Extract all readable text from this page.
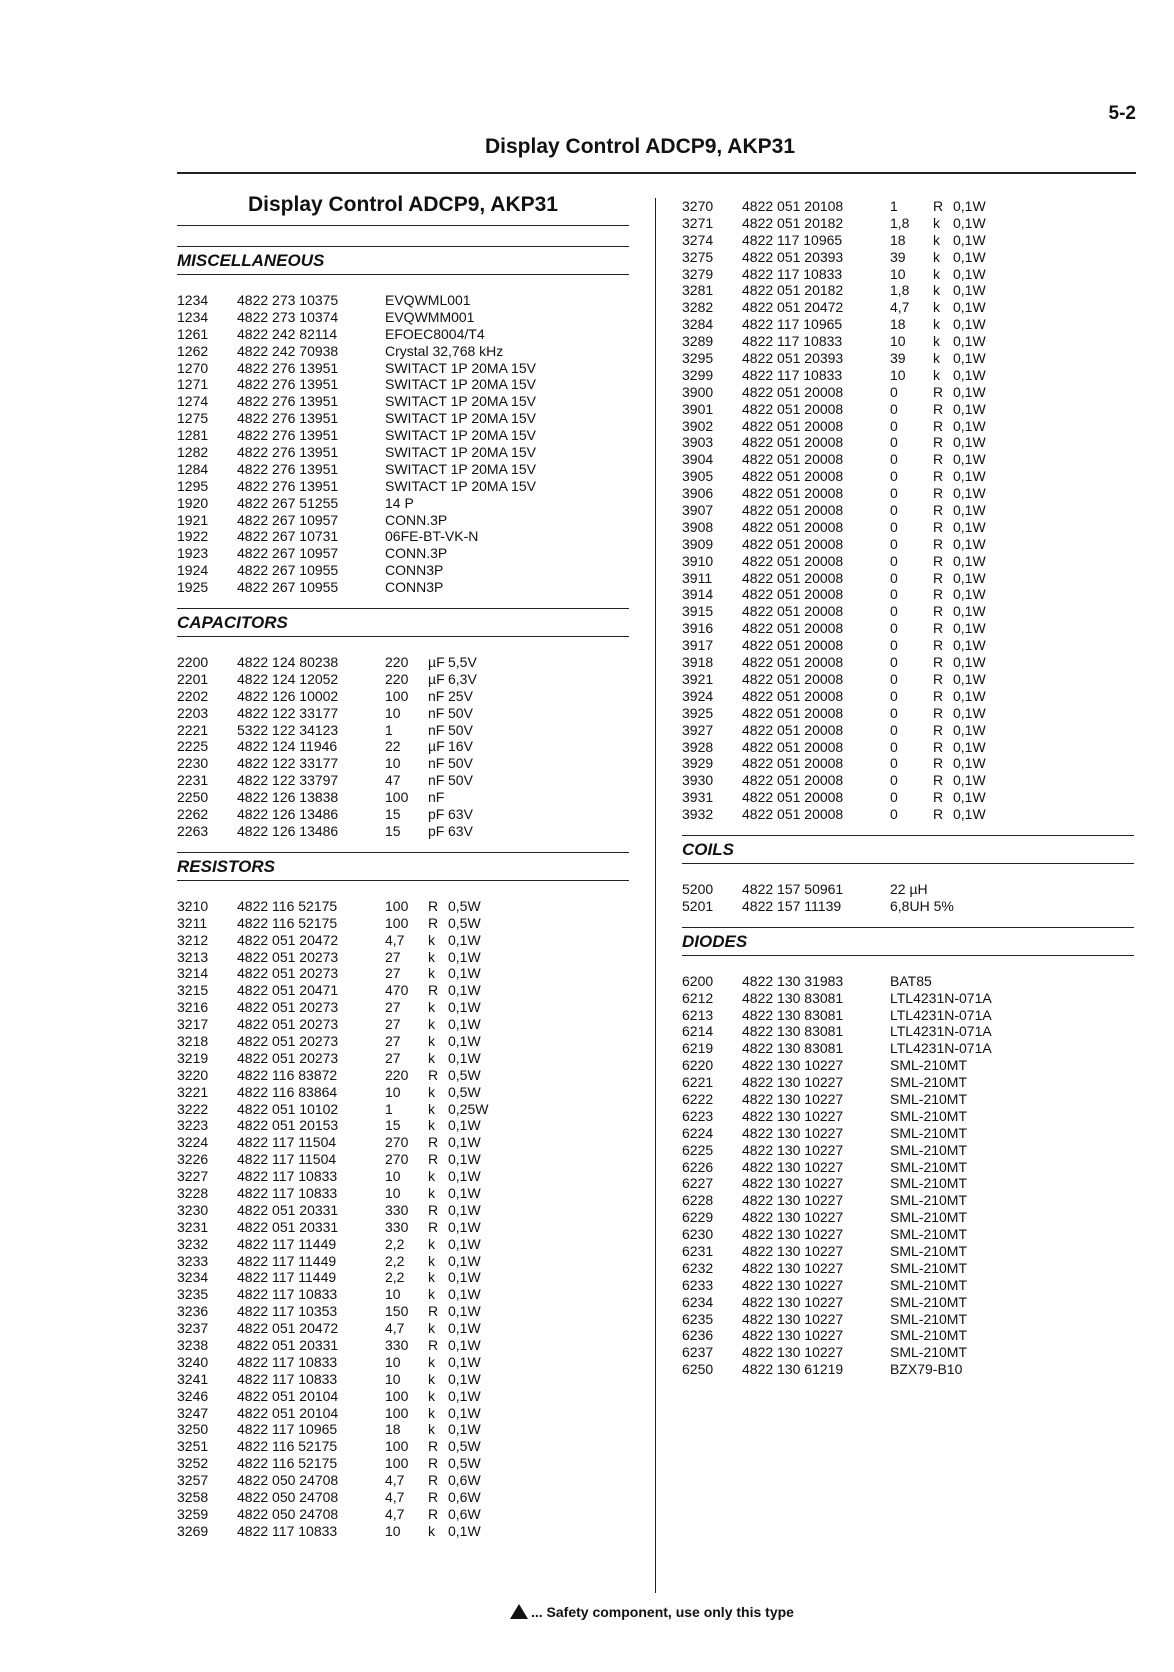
5-2
Display Control ADCP9, AKP31
Display Control ADCP9, AKP31
MISCELLANEOUS
1234	4822 273 10375	EVQWML001
1234	4822 273 10374	EVQWMM001
1261	4822 242 82114	EFOEC8004/T4
1262	4822 242 70938	Crystal 32,768 kHz
1270	4822 276 13951	SWITACT 1P 20MA 15V
1271	4822 276 13951	SWITACT 1P 20MA 15V
1274	4822 276 13951	SWITACT 1P 20MA 15V
1275	4822 276 13951	SWITACT 1P 20MA 15V
1281	4822 276 13951	SWITACT 1P 20MA 15V
1282	4822 276 13951	SWITACT 1P 20MA 15V
1284	4822 276 13951	SWITACT 1P 20MA 15V
1295	4822 276 13951	SWITACT 1P 20MA 15V
1920	4822 267 51255	14 P
1921	4822 267 10957	CONN.3P
1922	4822 267 10731	06FE-BT-VK-N
1923	4822 267 10957	CONN.3P
1924	4822 267 10955	CONN3P
1925	4822 267 10955	CONN3P
CAPACITORS
2200	4822 124 80238	220	µF 5,5V
2201	4822 124 12052	220	µF 6,3V
2202	4822 126 10002	100	nF 25V
2203	4822 122 33177	10	nF 50V
2221	5322 122 34123	1	nF 50V
2225	4822 124 11946	22	µF 16V
2230	4822 122 33177	10	nF 50V
2231	4822 122 33797	47	nF 50V
2250	4822 126 13838	100	nF
2262	4822 126 13486	15	pF 63V
2263	4822 126 13486	15	pF 63V
RESISTORS
3210	4822 116 52175	100	R 0,5W
3211	4822 116 52175	100	R 0,5W
3212	4822 051 20472	4,7	k 0,1W
3213	4822 051 20273	27	k 0,1W
3214	4822 051 20273	27	k 0,1W
3215	4822 051 20471	470	R 0,1W
3216	4822 051 20273	27	k 0,1W
3217	4822 051 20273	27	k 0,1W
3218	4822 051 20273	27	k 0,1W
3219	4822 051 20273	27	k 0,1W
3220	4822 116 83872	220	R 0,5W
3221	4822 116 83864	10	k 0,5W
3222	4822 051 10102	1	k 0,25W
3223	4822 051 20153	15	k 0,1W
3224	4822 117 11504	270	R 0,1W
3226	4822 117 11504	270	R 0,1W
3227	4822 117 10833	10	k 0,1W
3228	4822 117 10833	10	k 0,1W
3230	4822 051 20331	330	R 0,1W
3231	4822 051 20331	330	R 0,1W
3232	4822 117 11449	2,2	k 0,1W
3233	4822 117 11449	2,2	k 0,1W
3234	4822 117 11449	2,2	k 0,1W
3235	4822 117 10833	10	k 0,1W
3236	4822 117 10353	150	R 0,1W
3237	4822 051 20472	4,7	k 0,1W
3238	4822 051 20331	330	R 0,1W
3240	4822 117 10833	10	k 0,1W
3241	4822 117 10833	10	k 0,1W
3246	4822 051 20104	100	k 0,1W
3247	4822 051 20104	100	k 0,1W
3250	4822 117 10965	18	k 0,1W
3251	4822 116 52175	100	R 0,5W
3252	4822 116 52175	100	R 0,5W
3257	4822 050 24708	4,7	R 0,6W
3258	4822 050 24708	4,7	R 0,6W
3259	4822 050 24708	4,7	R 0,6W
3269	4822 117 10833	10	k 0,1W
3270	4822 051 20108	1	R 0,1W
3271	4822 051 20182	1,8	k 0,1W
3274	4822 117 10965	18	k 0,1W
3275	4822 051 20393	39	k 0,1W
3279	4822 117 10833	10	k 0,1W
3281	4822 051 20182	1,8	k 0,1W
3282	4822 051 20472	4,7	k 0,1W
3284	4822 117 10965	18	k 0,1W
3289	4822 117 10833	10	k 0,1W
3295	4822 051 20393	39	k 0,1W
3299	4822 117 10833	10	k 0,1W
3900	4822 051 20008	0	R 0,1W
3901	4822 051 20008	0	R 0,1W
3902	4822 051 20008	0	R 0,1W
3903	4822 051 20008	0	R 0,1W
3904	4822 051 20008	0	R 0,1W
3905	4822 051 20008	0	R 0,1W
3906	4822 051 20008	0	R 0,1W
3907	4822 051 20008	0	R 0,1W
3908	4822 051 20008	0	R 0,1W
3909	4822 051 20008	0	R 0,1W
3910	4822 051 20008	0	R 0,1W
3911	4822 051 20008	0	R 0,1W
3914	4822 051 20008	0	R 0,1W
3915	4822 051 20008	0	R 0,1W
3916	4822 051 20008	0	R 0,1W
3917	4822 051 20008	0	R 0,1W
3918	4822 051 20008	0	R 0,1W
3921	4822 051 20008	0	R 0,1W
3924	4822 051 20008	0	R 0,1W
3925	4822 051 20008	0	R 0,1W
3927	4822 051 20008	0	R 0,1W
3928	4822 051 20008	0	R 0,1W
3929	4822 051 20008	0	R 0,1W
3930	4822 051 20008	0	R 0,1W
3931	4822 051 20008	0	R 0,1W
3932	4822 051 20008	0	R 0,1W
COILS
5200	4822 157 50961	22 µH
5201	4822 157 11139	6,8UH 5%
DIODES
6200	4822 130 31983	BAT85
6212	4822 130 83081	LTL4231N-071A
6213	4822 130 83081	LTL4231N-071A
6214	4822 130 83081	LTL4231N-071A
6219	4822 130 83081	LTL4231N-071A
6220	4822 130 10227	SML-210MT
6221	4822 130 10227	SML-210MT
6222	4822 130 10227	SML-210MT
6223	4822 130 10227	SML-210MT
6224	4822 130 10227	SML-210MT
6225	4822 130 10227	SML-210MT
6226	4822 130 10227	SML-210MT
6227	4822 130 10227	SML-210MT
6228	4822 130 10227	SML-210MT
6229	4822 130 10227	SML-210MT
6230	4822 130 10227	SML-210MT
6231	4822 130 10227	SML-210MT
6232	4822 130 10227	SML-210MT
6233	4822 130 10227	SML-210MT
6234	4822 130 10227	SML-210MT
6235	4822 130 10227	SML-210MT
6236	4822 130 10227	SML-210MT
6237	4822 130 10227	SML-210MT
6250	4822 130 61219	BZX79-B10
... Safety component, use only this type
